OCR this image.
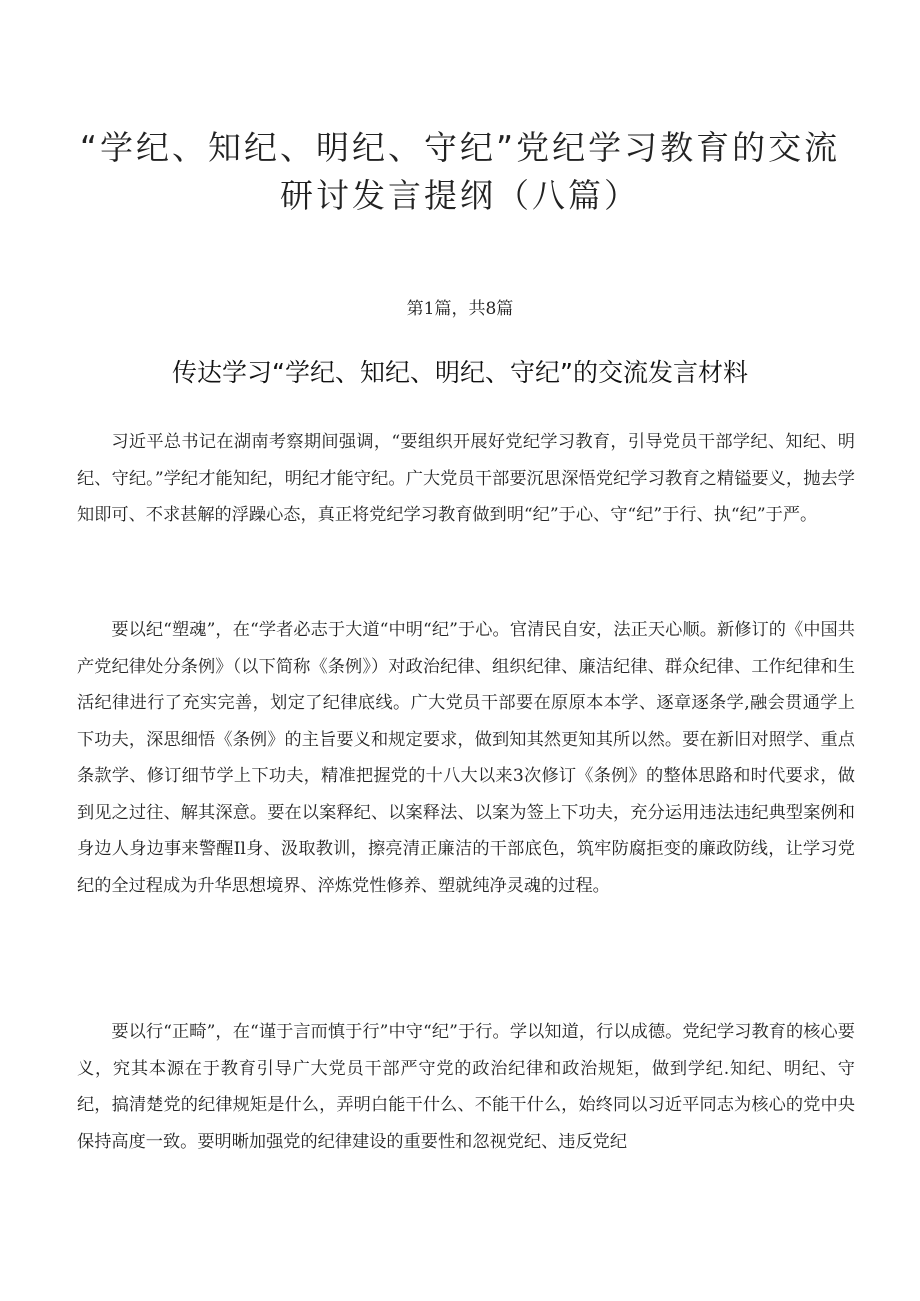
“学纪、知纪、明纪、守纪”党纪学习教育的交流
研讨发言提纲（八篇）
第1篇，共8篇
传达学习“学纪、知纪、明纪、守纪”的交流发言材料

习近平总书记在湖南考察期间强调，“要组织开展好党纪学习教育，引导党员干部学纪、知纪、明纪、守纪。”学纪才能知纪，明纪才能守纪。广大党员干部要沉思深悟党纪学习教育之精镒要义，抛去学知即可、不求甚解的浮躁心态，真正将党纪学习教育做到明“纪”于心、守“纪”于行、执“纪”于严。

要以纪“塑魂”，在“学者必志于大道“中明“纪”于心。官清民自安，法正天心顺。新修订的《中国共产党纪律处分条例》（以下简称《条例》）对政治纪律、组织纪律、廉洁纪律、群众纪律、工作纪律和生活纪律进行了充实完善，划定了纪律底线。广大党员干部要在原原本本学、逐章逐条学,融会贯通学上下功夫，深思细悟《条例》的主旨要义和规定要求，做到知其然更知其所以然。要在新旧对照学、重点条款学、修订细节学上下功夫，精准把握党的十八大以来3次修订《条例》的整体思路和时代要求，做到见之过往、解其深意。要在以案释纪、以案释法、以案为签上下功夫，充分运用违法违纪典型案例和身边人身边事来警醒Il身、汲取教训，擦亮清正廉洁的干部底色，筑牢防腐拒变的廉政防线，让学习党纪的全过程成为升华思想境界、淬炼党性修养、塑就纯净灵魂的过程。

要以行“正畸”，在“谨于言而慎于行”中守“纪”于行。学以知道，行以成德。党纪学习教育的核心要义，究其本源在于教育引导广大党员干部严守党的政治纪律和政治规矩，做到学纪.知纪、明纪、守纪，搞清楚党的纪律规矩是什么，弄明白能干什么、不能干什么，始终同以习近平同志为核心的党中央保持高度一致。要明晰加强党的纪律建设的重要性和忽视党纪、违反党纪
